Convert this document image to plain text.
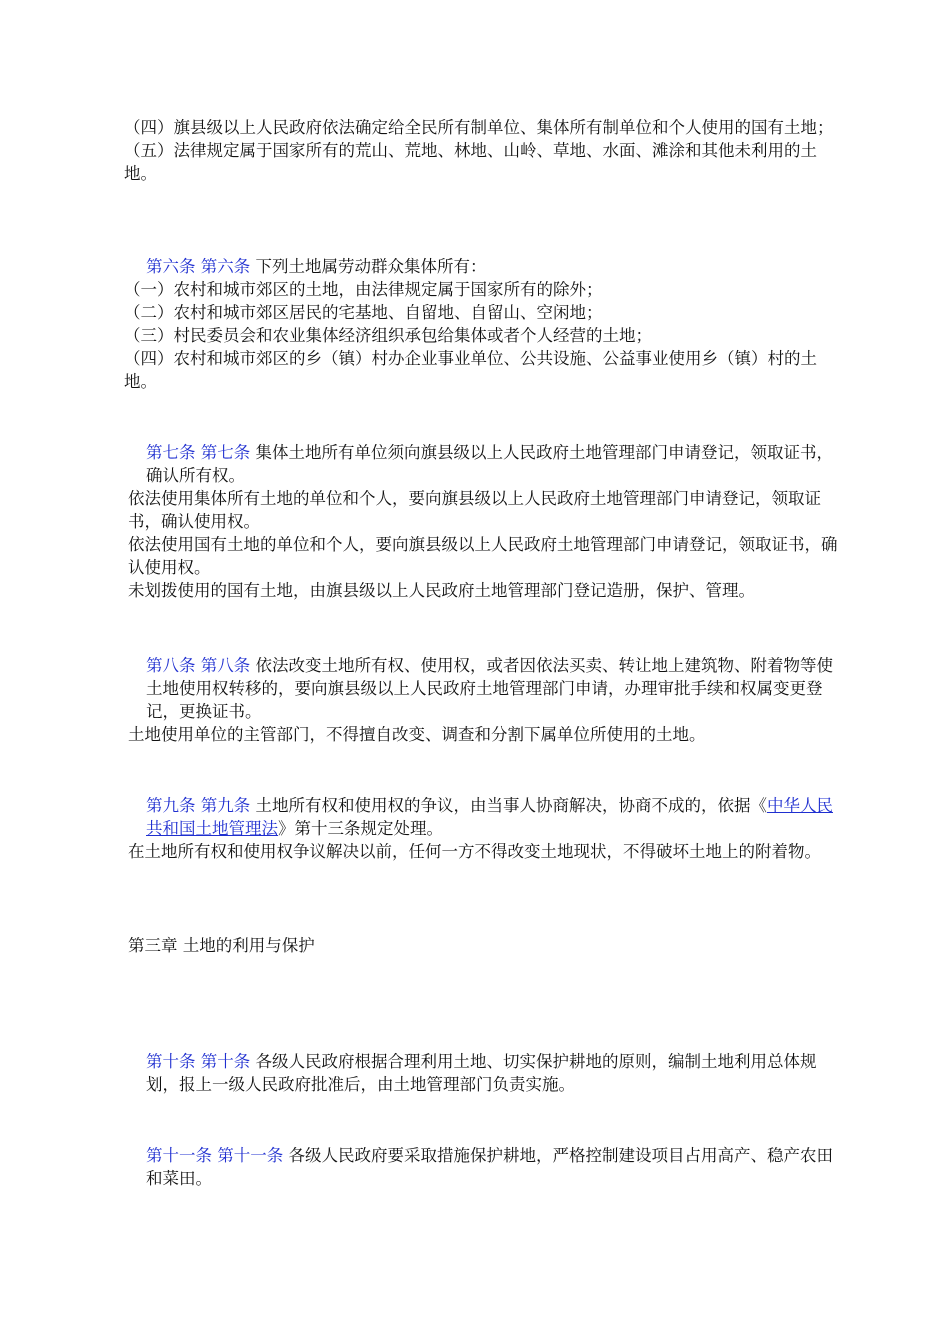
（四）旗县级以上人民政府依法确定给全民所有制单位、集体所有制单位和个人使用的国有土地；

（五）法律规定属于国家所有的荒山、荒地、林地、山岭、草地、水面、滩涂和其他未利用的土地。

第六条 第六条 下列土地属劳动群众集体所有：

（一）农村和城市郊区的土地，由法律规定属于国家所有的除外；

（二）农村和城市郊区居民的宅基地、自留地、自留山、空闲地；

（三）村民委员会和农业集体经济组织承包给集体或者个人经营的土地；

（四）农村和城市郊区的乡（镇）村办企业事业单位、公共设施、公益事业使用乡（镇）村的土地。

第七条 第七条 集体土地所有单位须向旗县级以上人民政府土地管理部门申请登记，领取证书，确认所有权。

依法使用集体所有土地的单位和个人，要向旗县级以上人民政府土地管理部门申请登记，领取证书，确认使用权。

依法使用国有土地的单位和个人，要向旗县级以上人民政府土地管理部门申请登记，领取证书，确认使用权。

未划拨使用的国有土地，由旗县级以上人民政府土地管理部门登记造册，保护、管理。

第八条 第八条 依法改变土地所有权、使用权，或者因依法买卖、转让地上建筑物、附着物等使土地使用权转移的，要向旗县级以上人民政府土地管理部门申请，办理审批手续和权属变更登记，更换证书。

土地使用单位的主管部门，不得擅自改变、调查和分割下属单位所使用的土地。

第九条 第九条 土地所有权和使用权的争议，由当事人协商解决，协商不成的，依据《中华人民共和国土地管理法》第十三条规定处理。

在土地所有权和使用权争议解决以前，任何一方不得改变土地现状，不得破坏土地上的附着物。

第三章 土地的利用与保护

第十条 第十条 各级人民政府根据合理利用土地、切实保护耕地的原则，编制土地利用总体规划，报上一级人民政府批准后，由土地管理部门负责实施。

第十一条 第十一条 各级人民政府要采取措施保护耕地，严格控制建设项目占用高产、稳产农田和菜田。
